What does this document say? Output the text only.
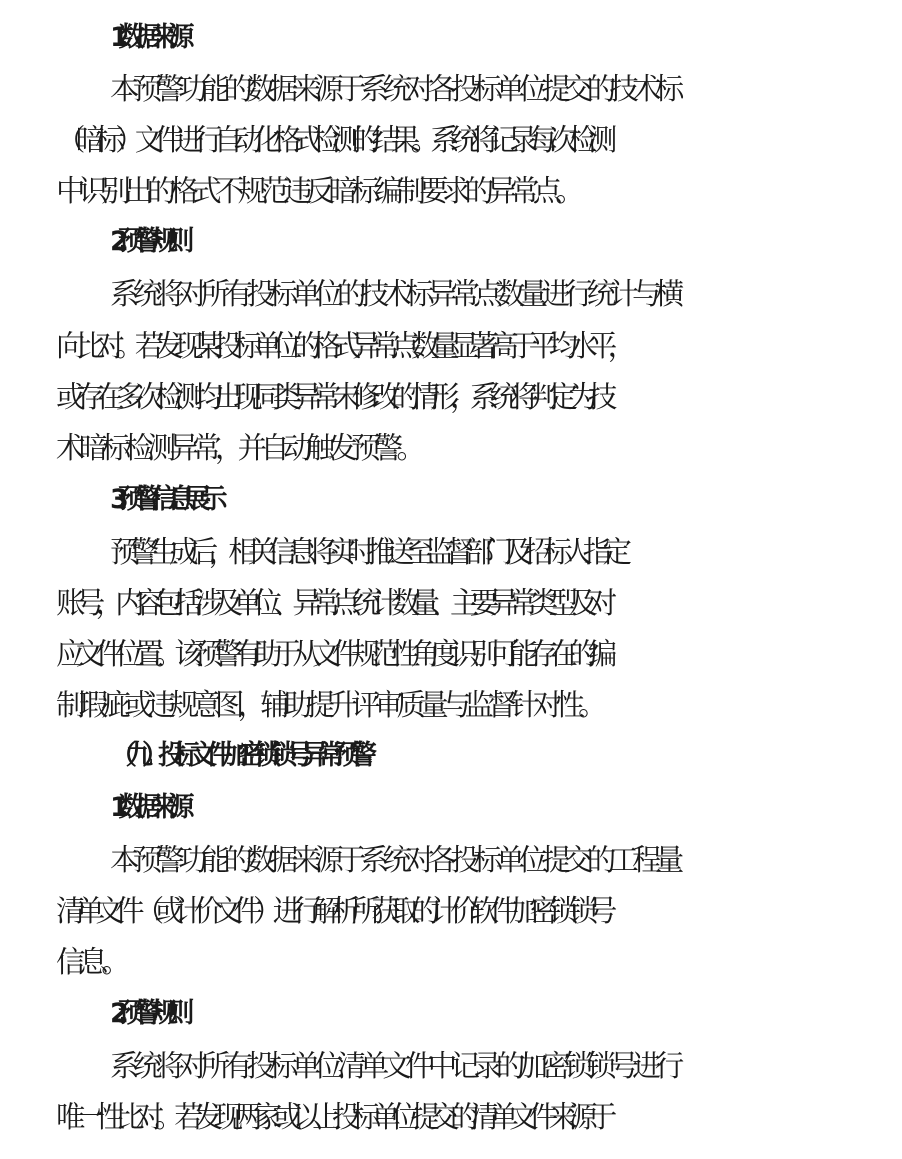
1.数据来源
本预警功能的数据来源于系统对各投标单位提交的技术标
（暗标）文件进行自动化格式检测的结果。系统将记录每次检测
中识别出的格式不规范违反暗标编制要求的异常点。
2.预警规则
系统将对所有投标单位的技术标异常点数量进行统计与横
向比对。若发现某投标单位的格式异常点数量显著高于平均水平，
或存在多次检测均出现同类异常未修改的情形，系统将判定为技
术暗标检测异常，并自动触发预警。
3.预警信息展示
预警生成后，相关信息将实时推送至监督部门及招标人指定
账号，内容包括涉及单位、异常点统计数量、主要异常类型及对
应文件位置。该预警有助于从文件规范性角度识别可能存在的编
制瑕疵或违规意图，辅助提升评审质量与监督针对性。
（九）投标文件加密锁锁号异常预警
1.数据来源
本预警功能的数据来源于系统对各投标单位提交的工程量
清单文件（或计价文件）进行解析所获取的计价软件加密锁锁号
信息。
2.预警规则
系统将对所有投标单位清单文件中记录的加密锁锁号进行
唯一性比对。若发现两家或以上投标单位提交的清单文件来源于
